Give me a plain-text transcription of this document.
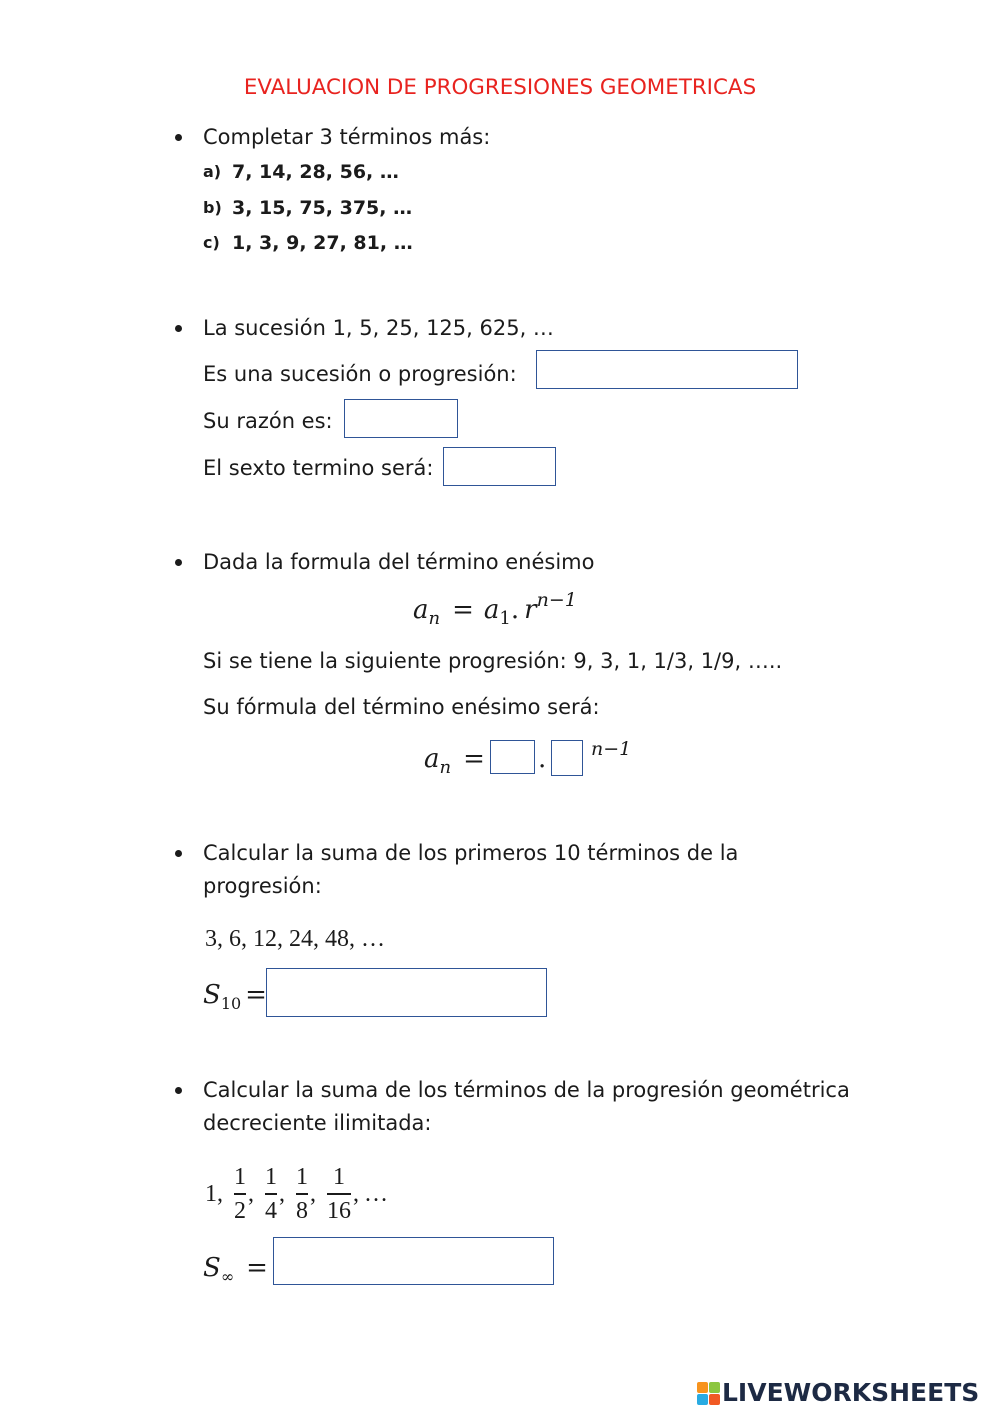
EVALUACION DE PROGRESIONES GEOMETRICAS
Completar 3 términos más:
a) 7, 14, 28, 56, …
b) 3, 15, 75, 375, …
c) 1, 3, 9, 27, 81, …
La sucesión 1, 5, 25, 125, 625, …
Es una sucesión o progresión:
Su razón es:
El sexto termino será:
Dada la formula del término enésimo
$a_n = a_1$. $r^{n-1}$
Si se tiene la siguiente progresión: 9, 3, 1, 1/3, 1/9, …..
Su fórmula del término enésimo será:
$a_n$ = . n−1
Calcular la suma de los primeros 10 términos de la
progresión:
3, 6, 12, 24, 48, …
$S_{10}$ =
Calcular la suma de los términos de la progresión geométrica
decreciente ilimitada:
1 , $\frac{1}{2}$ , $\frac{1}{4}$ , $\frac{1}{8}$ , $\frac{1}{16}$ , …
$S_\infty$ =
LIVEWORKSHEETS
